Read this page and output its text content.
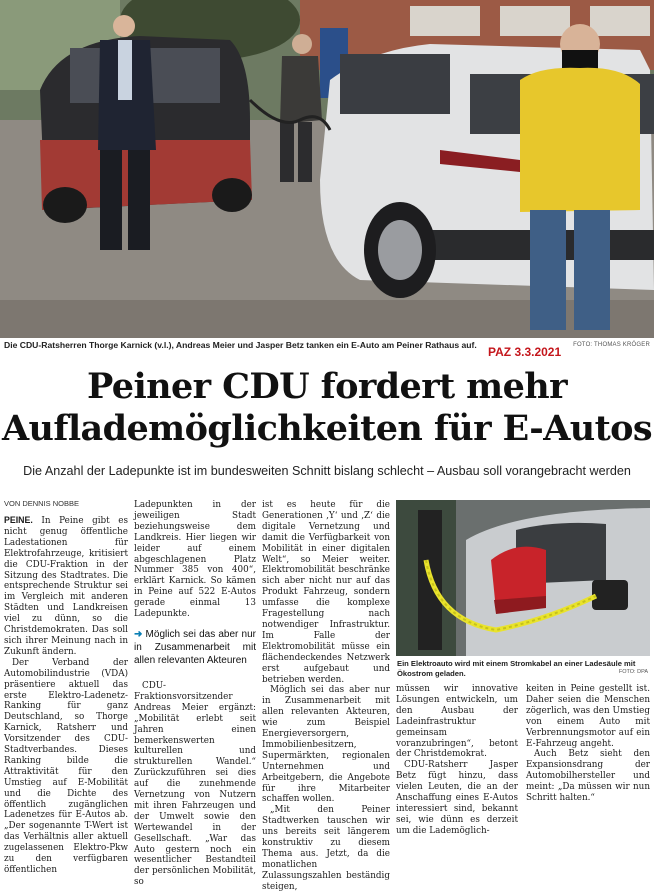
Die CDU-Ratsherren Thorge Karnick (v.l.), Andreas Meier und Jasper Betz tanken ein E-Auto am Peiner Rathaus auf.	FOTO: THOMAS KRÖGER
PAZ 3.3.2021
Peiner CDU fordert mehr
Auflademöglichkeiten für E-Autos
Die Anzahl der Ladepunkte ist im bundesweiten Schnitt bislang schlecht – Ausbau soll vorangebracht werden
VON DENNIS NOBBE

PEINE. In Peine gibt es nicht genug öffentliche Ladestationen für Elektrofahrzeuge, kritisiert die CDU-Fraktion in der Sitzung des Stadtrates. Die entsprechende Struktur sei im Vergleich mit anderen Städten und Landkreisen viel zu dünn, so die Christdemokraten. Das soll sich ihrer Meinung nach in Zukunft ändern.

Der Verband der Automobilindustrie (VDA) präsentiere aktuell das erste Elektro-Ladenetz-Ranking für ganz Deutschland, so Thorge Karnick, Ratsherr und Vorsitzender des CDU-Stadtverbandes. Dieses Ranking bilde die Attraktivität für den Umstieg auf E-Mobilität und die Dichte des öffentlich zugänglichen Ladenetzes für E-Autos ab. „Der sogenannte T-Wert ist das Verhältnis aller aktuell zugelassenen Elektro-Pkw zu den verfügbaren öffentlichen

Ladepunkten in der jeweiligen Stadt beziehungsweise dem Landkreis. Hier liegen wir leider auf einem abgeschlagenen Platz Nummer 385 von 400“, erklärt Karnick. So kämen in Peine auf 522 E-Autos gerade einmal 13 Ladepunkte.

➜ Möglich sei das aber nur in Zusammenarbeit mit allen relevanten Akteuren

CDU-Fraktionsvorsitzender Andreas Meier ergänzt: „Mobilität erlebt seit Jahren einen bemerkenswerten kulturellen und strukturellen Wandel.“ Zurückzuführen sei dies auf die zunehmende Vernetzung von Nutzern mit ihren Fahrzeugen und der Umwelt sowie den Wertewandel in der Gesellschaft. „War das Auto gestern noch ein wesentlicher Bestandteil der persönlichen Mobilität, so

ist es heute für die Generationen ‚Y‘ und ‚Z‘ die digitale Vernetzung und damit die Verfügbarkeit von Mobilität in einer digitalen Welt“, so Meier weiter. Elektromobilität beschränke sich aber nicht nur auf das Produkt Fahrzeug, sondern umfasse die komplexe Fragestellung nach notwendiger Infrastruktur. Im Falle der Elektromobilität müsse ein flächendeckendes Netzwerk erst aufgebaut und betrieben werden.

Möglich sei das aber nur in Zusammenarbeit mit allen relevanten Akteuren, wie zum Beispiel Energieversorgern, Immobilienbesitzern, Supermärkten, regionalen Unternehmen und Arbeitgebern, die Angebote für ihre Mitarbeiter schaffen wollen.

„Mit den Peiner Stadtwerken tauschen wir uns bereits seit längerem konstruktiv zu diesem Thema aus. Jetzt, da die monatlichen Zulassungszahlen beständig steigen,

Ein Elektroauto wird mit einem Stromkabel an einer Ladesäule mit Ökostrom geladen.	FOTO: DPA

müssen wir innovative Lösungen entwickeln, um den Ausbau der Ladeinfrastruktur gemeinsam voranzubringen“, betont der Christdemokrat.

CDU-Ratsherr Jasper Betz fügt hinzu, dass vielen Leuten, die an der Anschaffung eines E-Autos interessiert sind, bekannt sei, wie dünn es derzeit um die Lademöglich-

keiten in Peine gestellt ist. Daher seien die Menschen zögerlich, was den Umstieg von einem Auto mit Verbrennungsmotor auf ein E-Fahrzeug angeht.

Auch Betz sieht den Expansionsdrang der Automobilhersteller und meint: „Da müssen wir nun Schritt halten.“
